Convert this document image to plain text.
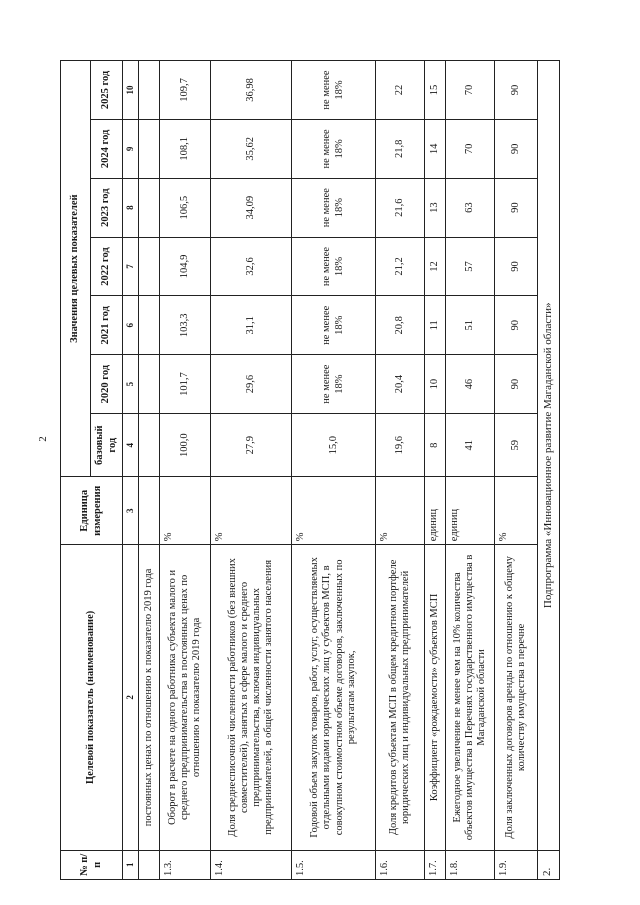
2
№ п/п	Целевой показатель (наименование)	Единица измерения	Значения целевых показателей						
			базовый год	2020 год	2021 год	2022 год	2023 год	2024 год	2025 год
1	2	3	4	5	6	7	8	9	10
	постоянных ценах по отношению к показателю 2019 года								
1.3.	Оборот в расчете на одного работника субъекта малого и среднего предпринимательства в постоянных ценах по отношению к показателю 2019 года	%	100,0	101,7	103,3	104,9	106,5	108,1	109,7
1.4.	Доля среднесписочной численности работников (без внешних совместителей), занятых в сфере малого и среднего предпринимательства, включая индивидуальных предпринимателей, в общей численности занятого населения	%	27,9	29,6	31,1	32,6	34,09	35,62	36,98
1.5.	Годовой объем закупок товаров, работ, услуг, осуществляемых отдельными видами юридических лиц у субъектов МСП, в совокупном стоимостном объеме договоров, заключенных по результатам закупок,	%	15,0	не менее 18%	не менее 18%	не менее 18%	не менее 18%	не менее 18%	не менее 18%
1.6.	Доля кредитов субъектам МСП в общем кредитном портфеле юридических лиц и индивидуальных предпринимателей	%	19,6	20,4	20,8	21,2	21,6	21,8	22
1.7.	Коэффициент «рождаемости» субъектов МСП	единиц	8	10	11	12	13	14	15
1.8.	Ежегодное увеличение не менее чем на 10% количества объектов имущества в Перечнях государственного имущества в Магаданской области	единиц	41	46	51	57	63	70	70
1.9.	Доля заключенных договоров аренды по отношению к общему количеству имущества в перечне	%	59	90	90	90	90	90	90
2.	Подпрограмма «Инновационное развитие Магаданской области»								
